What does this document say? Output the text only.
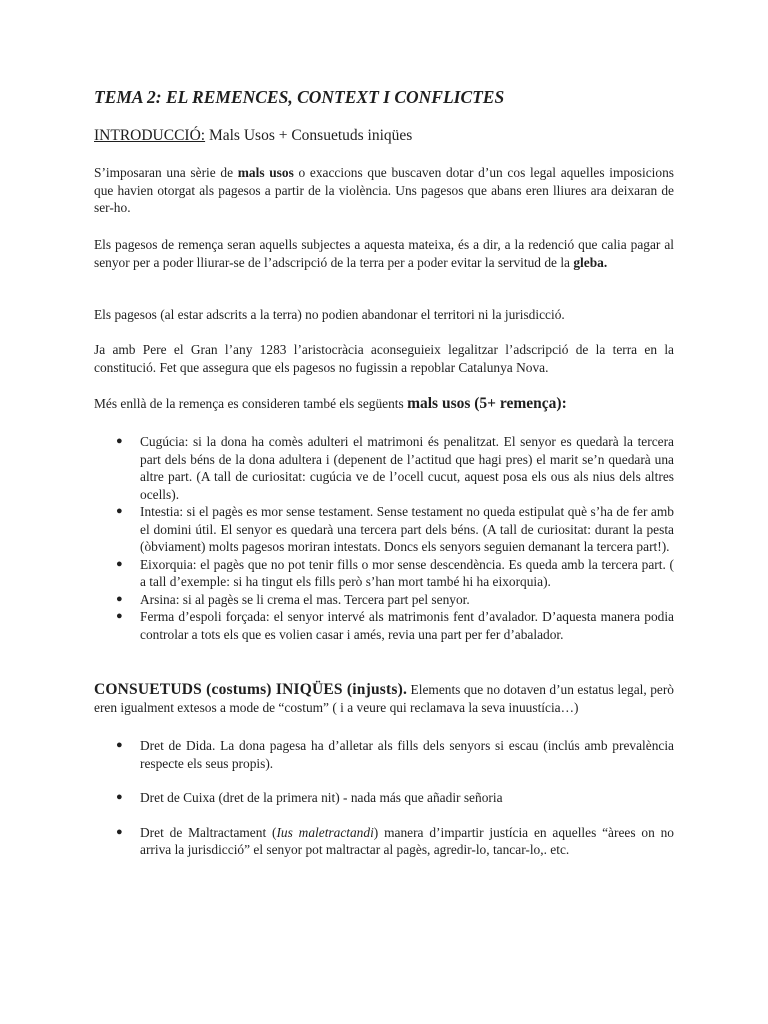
TEMA 2: EL REMENCES, CONTEXT I CONFLICTES

INTRODUCCIÓ: Mals Usos + Consuetuds iniqües

S’imposaran una sèrie de mals usos o exaccions que buscaven dotar d’un cos legal aquelles imposicions que havien otorgat als pagesos a partir de la violència. Uns pagesos que abans eren lliures ara deixaran de ser-ho.

Els pagesos de remença seran aquells subjectes a aquesta mateixa, és a dir, a la redenció que calia pagar al senyor per a poder lliurar-se de l’adscripció de la terra per a poder evitar la servitud de la gleba.

Els pagesos (al estar adscrits a la terra) no podien abandonar el territori ni la jurisdicció.

Ja amb Pere el Gran l’any 1283 l’aristocràcia aconseguieix legalitzar l’adscripció de la terra en la constitució. Fet que assegura que els pagesos no fugissin a repoblar Catalunya Nova.

Més enllà de la remença es consideren també els següents mals usos (5+ remença):

● Cugúcia: si la dona ha comès adulteri el matrimoni és penalitzat. El senyor es quedarà la tercera part dels béns de la dona adultera i (depenent de l’actitud que hagi pres) el marit se’n quedarà una altre part. (A tall de curiositat: cugúcia ve de l’ocell cucut, aquest posa els ous als nius dels altres ocells).
● Intestia: si el pagès es mor sense testament. Sense testament no queda estipulat què s’ha de fer amb el domini útil. El senyor es quedarà una tercera part dels béns. (A tall de curiositat: durant la pesta (òbviament) molts pagesos moriran intestats. Doncs els senyors seguien demanant la tercera part!).
● Eixorquia: el pagès que no pot tenir fills o mor sense descendència. Es queda amb la tercera part. ( a tall d’exemple: si ha tingut els fills però s’han mort també hi ha eixorquia).
● Arsina: si al pagès se li crema el mas. Tercera part pel senyor.
● Ferma d’espoli forçada: el senyor intervé als matrimonis fent d’avalador. D’aquesta manera podia controlar a tots els que es volien casar i amés, revia una part per fer d’abalador.

CONSUETUDS (costums) INIQÜES (injusts). Elements que no dotaven d’un estatus legal, però eren igualment extesos a mode de “costum” ( i a veure qui reclamava la seva inuustícia…)

● Dret de Dida. La dona pagesa ha d’alletar als fills dels senyors si escau (inclús amb prevalència respecte els seus propis).
● Dret de Cuixa (dret de la primera nit) - nada más que añadir señoria
● Dret de Maltractament (Ius maletractandi) manera d’impartir justícia en aquelles “àrees on no arriva la jurisdicció” el senyor pot maltractar al pagès, agredir-lo, tancar-lo,. etc.
